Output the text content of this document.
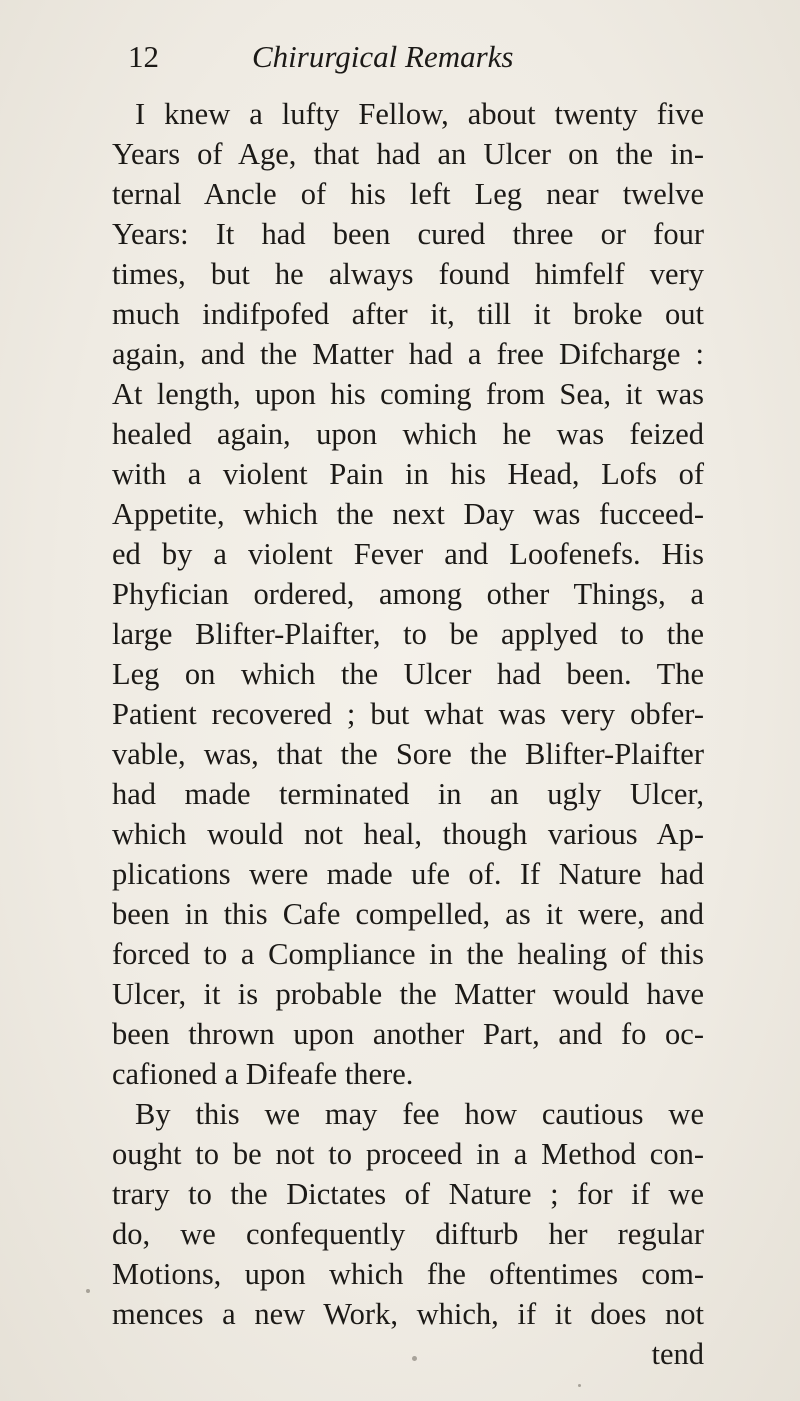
12	Chirurgical Remarks
I knew a lufty Fellow, about twenty five
Years of Age, that had an Ulcer on the in-
ternal Ancle of his left Leg near twelve
Years: It had been cured three or four
times, but he always found himfelf very
much indifpofed after it, till it broke out
again, and the Matter had a free Difcharge :
At length, upon his coming from Sea, it was
healed again, upon which he was feized
with a violent Pain in his Head, Lofs of
Appetite, which the next Day was fucceed-
ed by a violent Fever and Loofenefs. His
Phyfician ordered, among other Things, a
large Blifter-Plaifter, to be applyed to the
Leg on which the Ulcer had been. The
Patient recovered ; but what was very obfer-
vable, was, that the Sore the Blifter-Plaifter
had made terminated in an ugly Ulcer,
which would not heal, though various Ap-
plications were made ufe of. If Nature had
been in this Cafe compelled, as it were, and
forced to a Compliance in the healing of this
Ulcer, it is probable the Matter would have
been thrown upon another Part, and fo oc-
cafioned a Difeafe there.
By this we may fee how cautious we
ought to be not to proceed in a Method con-
trary to the Dictates of Nature ; for if we
do, we confequently difturb her regular
Motions, upon which fhe oftentimes com-
mences a new Work, which, if it does not
tend
